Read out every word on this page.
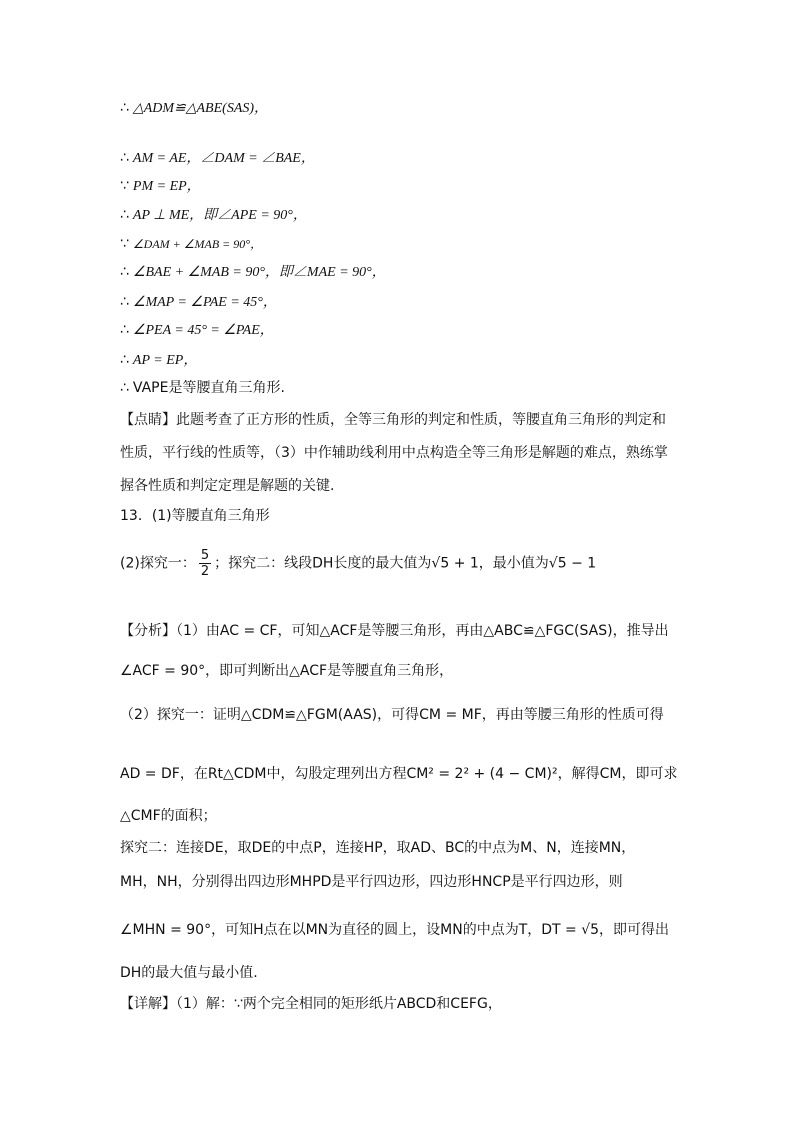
∴ △ADM≌△ABE(SAS)，
∴ AM = AE，∠DAM = ∠BAE，
∵ PM = EP，
∴ AP ⊥ ME，即∠APE = 90°，
∵ ∠DAM + ∠MAB = 90°，
∴ ∠BAE + ∠MAB = 90°，即∠MAE = 90°，
∴ ∠MAP = ∠PAE = 45°，
∴ ∠PEA = 45° = ∠PAE，
∴ AP = EP，
∴ VAPE是等腰直角三角形.
【点睛】此题考查了正方形的性质，全等三角形的判定和性质，等腰直角三角形的判定和
性质，平行线的性质等，（3）中作辅助线利用中点构造全等三角形是解题的难点，熟练掌
握各性质和判定定理是解题的关键.
13．(1)等腰直角三角形
(2)探究一： $\frac{5}{2}$ ；探究二：线段DH长度的最大值为√5 + 1，最小值为√5 − 1
【分析】（1）由AC = CF，可知△ACF是等腰三角形，再由△ABC≌△FGC(SAS)，推导出
∠ACF = 90°，即可判断出△ACF是等腰直角三角形，
（2）探究一：证明△CDM≌△FGM(AAS)，可得CM = MF，再由等腰三角形的性质可得
AD = DF，在Rt△CDM中，勾股定理列出方程CM² = 2² + (4 − CM)²，解得CM，即可求
△CMF的面积；
探究二：连接DE，取DE的中点P，连接HP，取AD、BC的中点为M、N，连接MN，
MH，NH，分别得出四边形MHPD是平行四边形，四边形HNCP是平行四边形，则
∠MHN = 90°，可知H点在以MN为直径的圆上，设MN的中点为T，DT = √5，即可得出
DH的最大值与最小值.
【详解】（1）解：∵两个完全相同的矩形纸片ABCD和CEFG，
